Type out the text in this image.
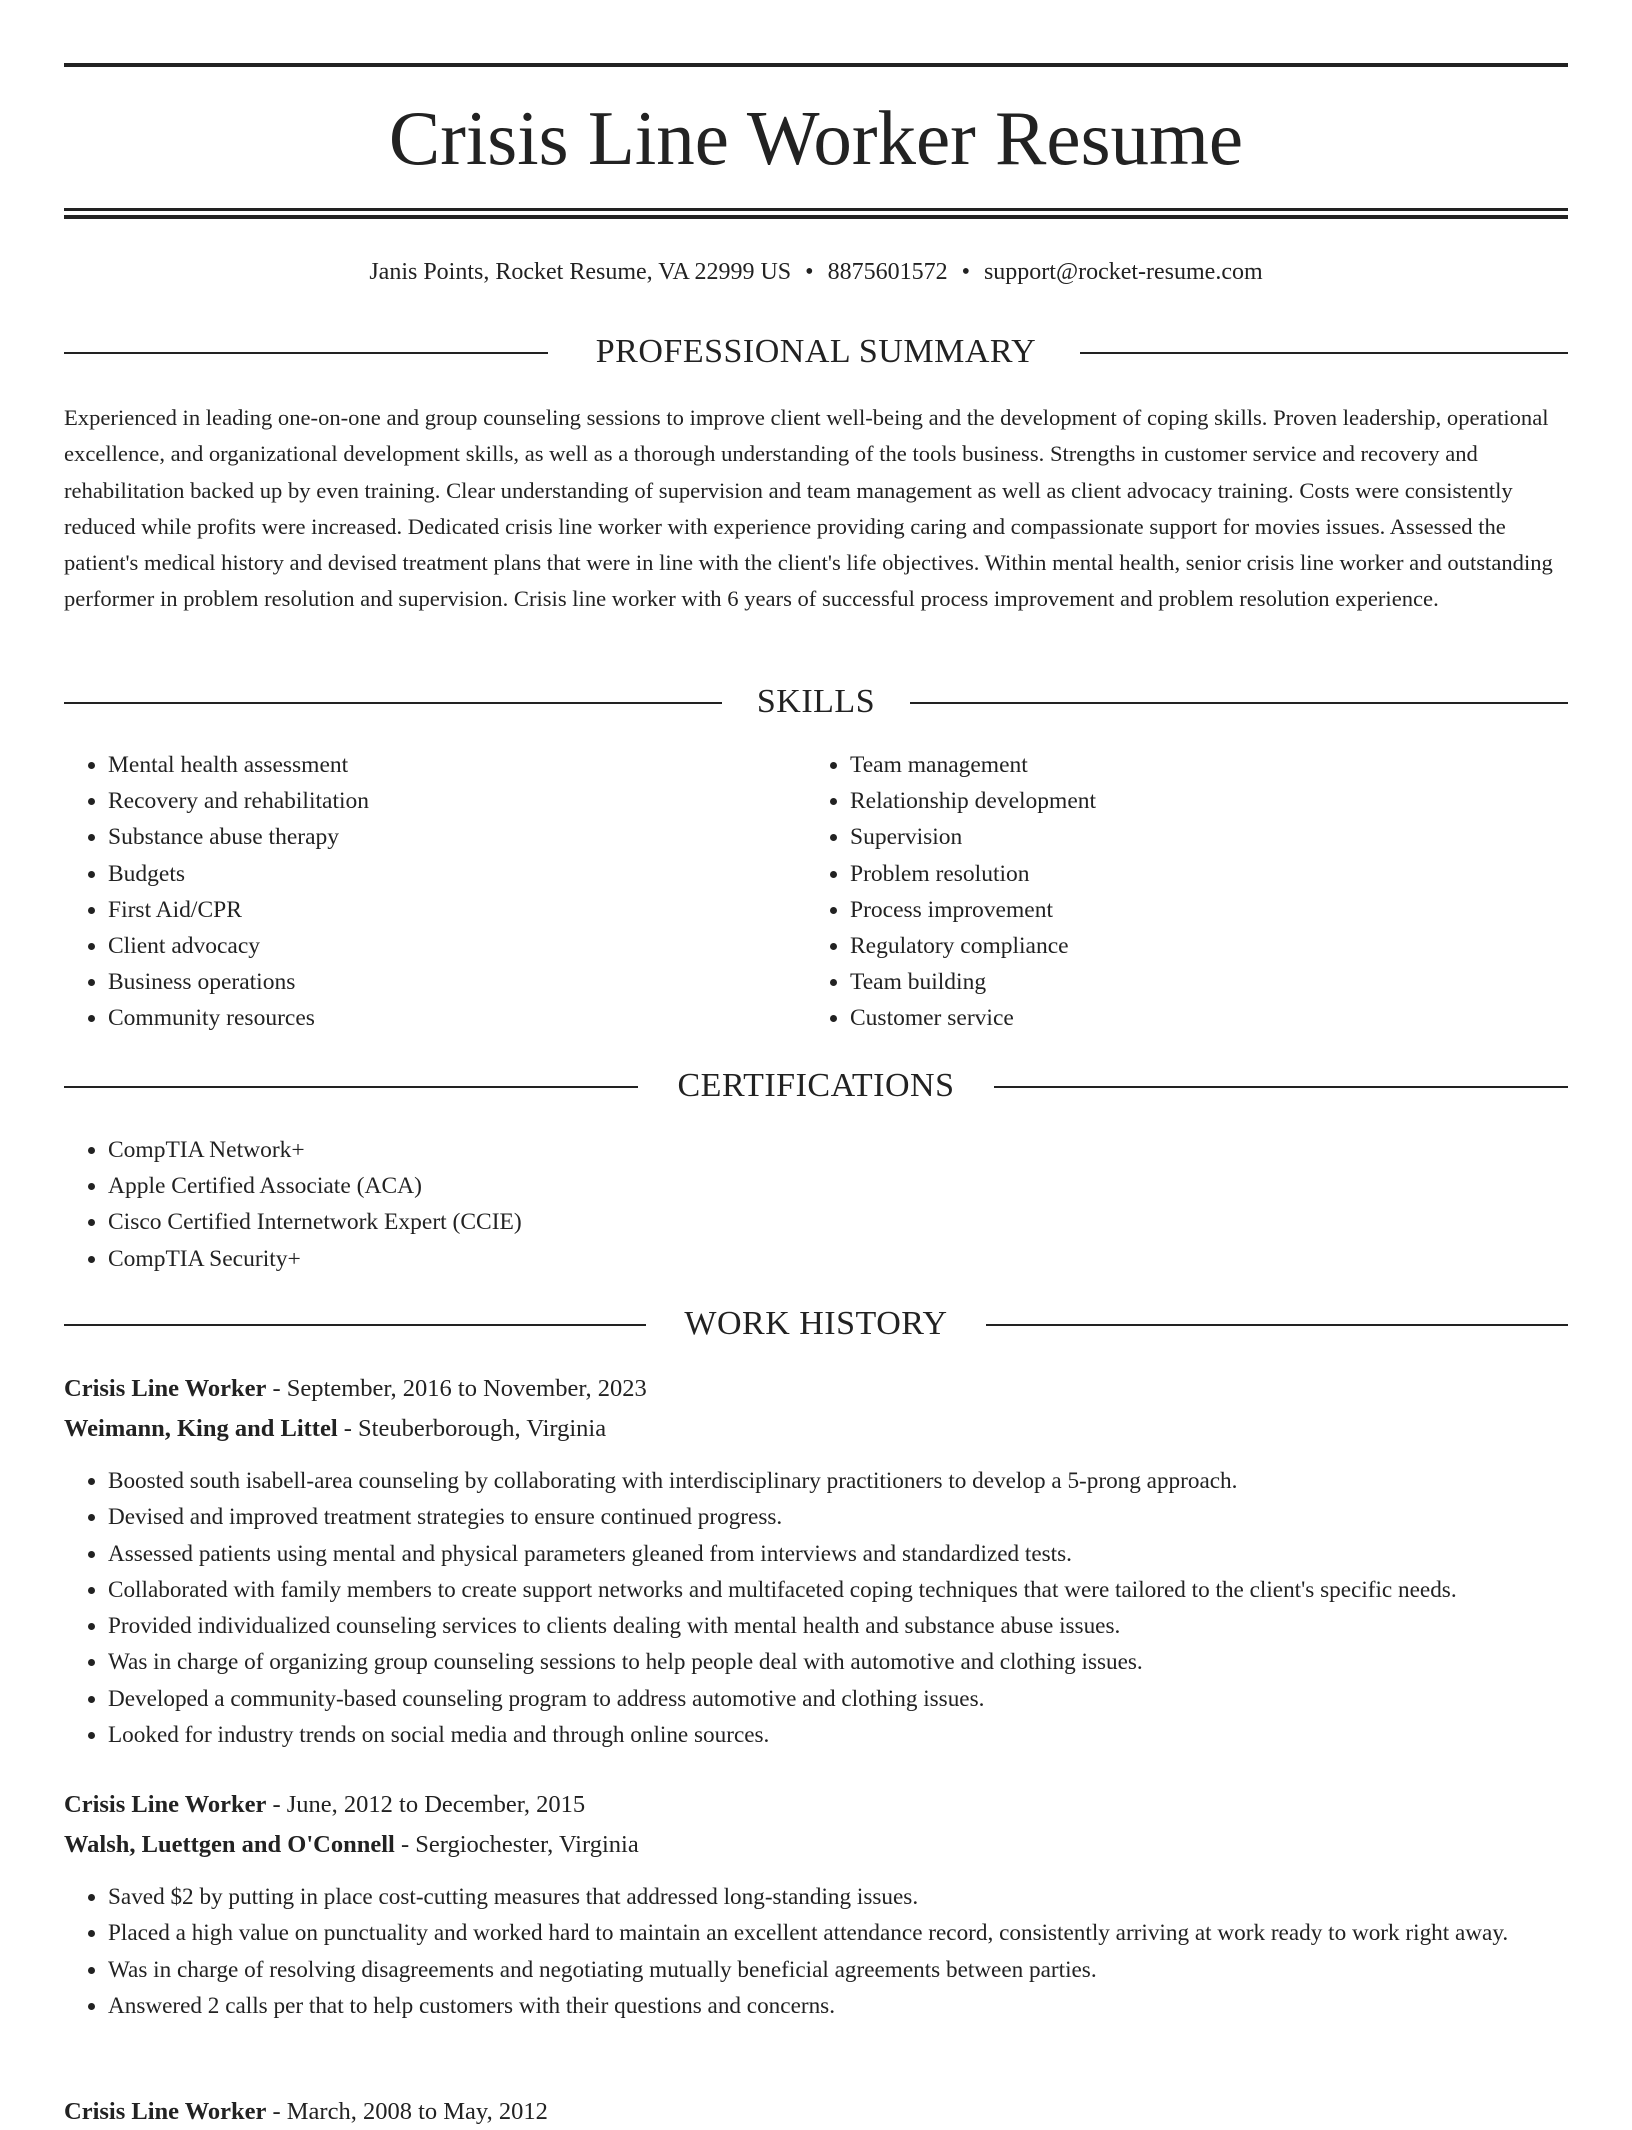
Crisis Line Worker Resume
Janis Points, Rocket Resume, VA 22999 US • 8875601572 • support@rocket-resume.com
PROFESSIONAL SUMMARY

Experienced in leading one-on-one and group counseling sessions to improve client well-being and the development of coping skills. Proven leadership, operational excellence, and organizational development skills, as well as a thorough understanding of the tools business. Strengths in customer service and recovery and rehabilitation backed up by even training. Clear understanding of supervision and team management as well as client advocacy training. Costs were consistently reduced while profits were increased. Dedicated crisis line worker with experience providing caring and compassionate support for movies issues. Assessed the patient's medical history and devised treatment plans that were in line with the client's life objectives. Within mental health, senior crisis line worker and outstanding performer in problem resolution and supervision. Crisis line worker with 6 years of successful process improvement and problem resolution experience.

SKILLS
• Mental health assessment
• Recovery and rehabilitation
• Substance abuse therapy
• Budgets
• First Aid/CPR
• Client advocacy
• Business operations
• Community resources
• Team management
• Relationship development
• Supervision
• Problem resolution
• Process improvement
• Regulatory compliance
• Team building
• Customer service
CERTIFICATIONS
• CompTIA Network+
• Apple Certified Associate (ACA)
• Cisco Certified Internetwork Expert (CCIE)
• CompTIA Security+
WORK HISTORY
Crisis Line Worker - September, 2016 to November, 2023
Weimann, King and Littel - Steuberborough, Virginia
• Boosted south isabell-area counseling by collaborating with interdisciplinary practitioners to develop a 5-prong approach.
• Devised and improved treatment strategies to ensure continued progress.
• Assessed patients using mental and physical parameters gleaned from interviews and standardized tests.
• Collaborated with family members to create support networks and multifaceted coping techniques that were tailored to the client's specific needs.
• Provided individualized counseling services to clients dealing with mental health and substance abuse issues.
• Was in charge of organizing group counseling sessions to help people deal with automotive and clothing issues.
• Developed a community-based counseling program to address automotive and clothing issues.
• Looked for industry trends on social media and through online sources.
Crisis Line Worker - June, 2012 to December, 2015
Walsh, Luettgen and O'Connell - Sergiochester, Virginia
• Saved $2 by putting in place cost-cutting measures that addressed long-standing issues.
• Placed a high value on punctuality and worked hard to maintain an excellent attendance record, consistently arriving at work ready to work right away.
• Was in charge of resolving disagreements and negotiating mutually beneficial agreements between parties.
• Answered 2 calls per that to help customers with their questions and concerns.
Crisis Line Worker - March, 2008 to May, 2012
